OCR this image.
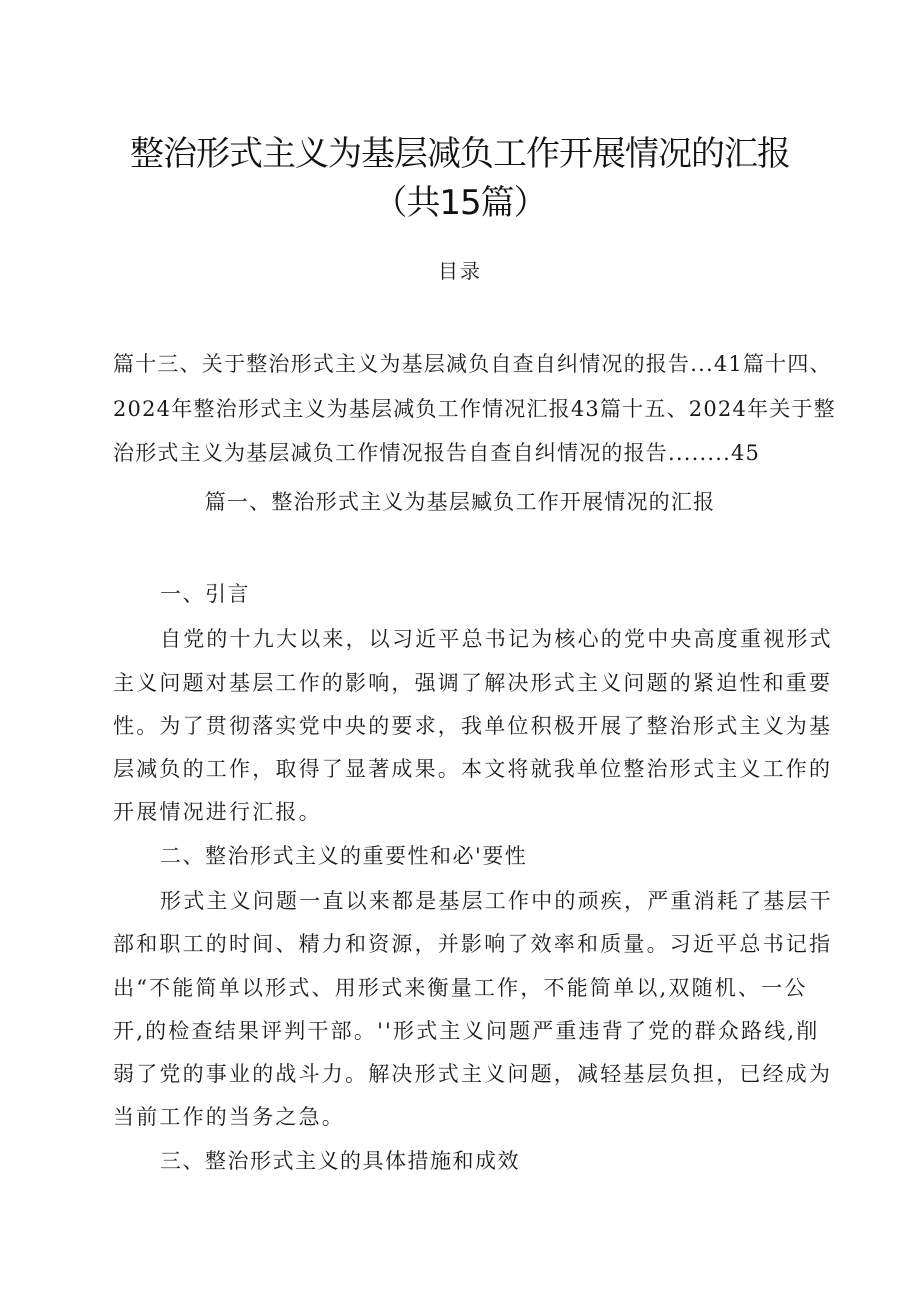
整治形式主义为基层减负工作开展情况的汇报
（共15篇）
目录
篇十三、关于整治形式主义为基层减负自查自纠情况的报告...41篇十四、
2024年整治形式主义为基层减负工作情况汇报43篇十五、2024年关于整
治形式主义为基层减负工作情况报告自查自纠情况的报告........45
篇一、整治形式主义为基层臧负工作开展情况的汇报
一、引言
自党的十九大以来，以习近平总书记为核心的党中央高度重视形式
主义问题对基层工作的影响，强调了解决形式主义问题的紧迫性和重要
性。为了贯彻落实党中央的要求，我单位积极开展了整治形式主义为基
层减负的工作，取得了显著成果。本文将就我单位整治形式主义工作的
开展情况进行汇报。
二、整治形式主义的重要性和必'要性
形式主义问题一直以来都是基层工作中的顽疾，严重消耗了基层干
部和职工的时间、精力和资源，并影响了效率和质量。习近平总书记指
出“不能简单以形式、用形式来衡量工作，不能简单以,双随机、一公
开,的检查结果评判干部。''形式主义问题严重违背了党的群众路线,削
弱了党的事业的战斗力。解决形式主义问题，减轻基层负担，已经成为
当前工作的当务之急。
三、整治形式主义的具体措施和成效
